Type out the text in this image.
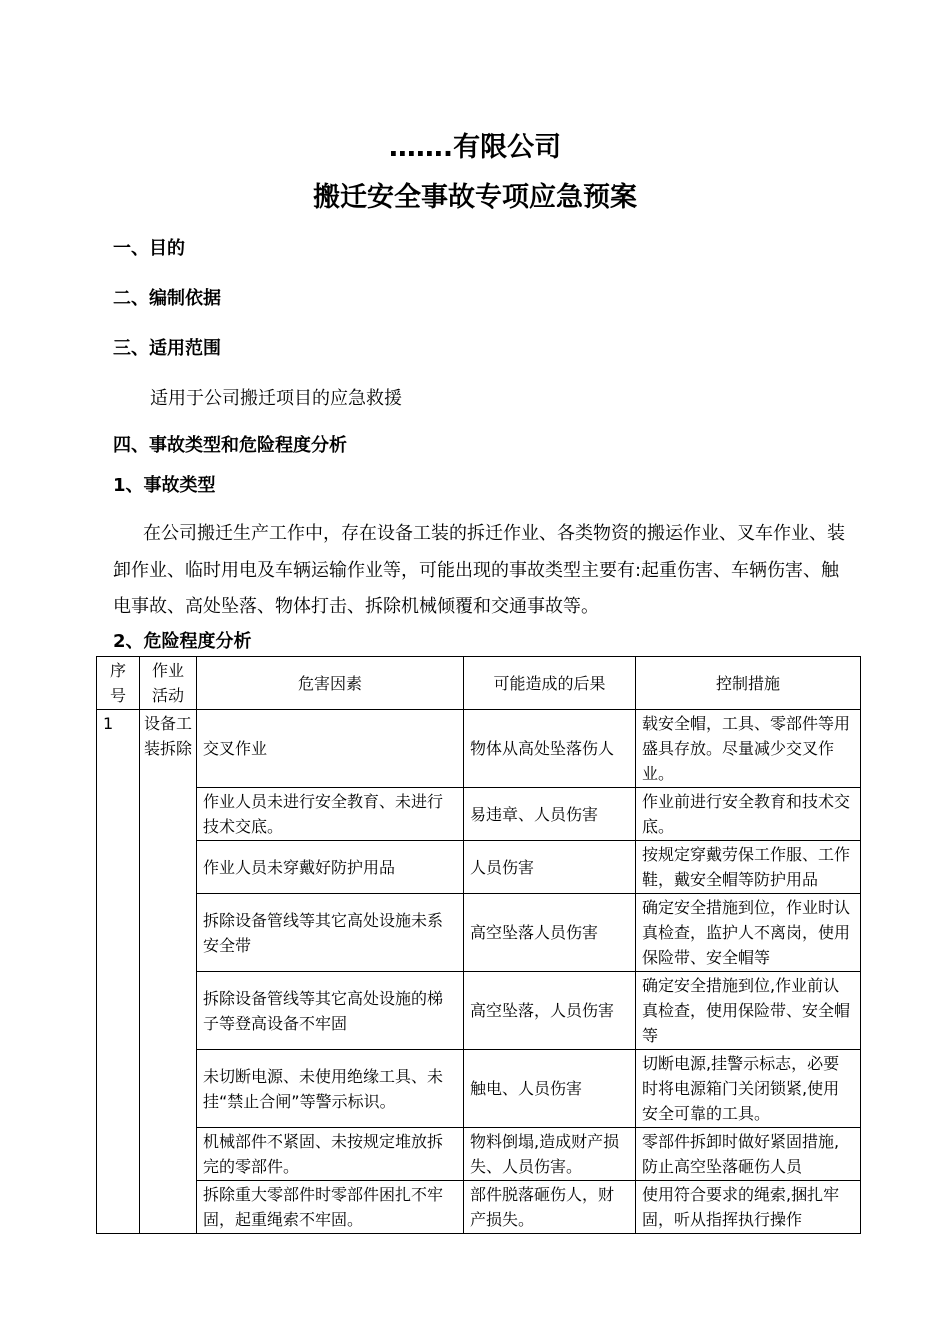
…….有限公司
搬迁安全事故专项应急预案
一、目的
二、编制依据
三、适用范围
适用于公司搬迁项目的应急救援
四、事故类型和危险程度分析
1、事故类型

在公司搬迁生产工作中，存在设备工装的拆迁作业、各类物资的搬运作业、叉车作业、装卸作业、临时用电及车辆运输作业等，可能出现的事故类型主要有:起重伤害、车辆伤害、触电事故、高处坠落、物体打击、拆除机械倾覆和交通事故等。

2、危险程度分析
序号	作业活动	危害因素	可能造成的后果	控制措施
1	设备工装拆除	交叉作业	物体从高处坠落伤人	载安全帽，工具、零部件等用盛具存放。尽量减少交叉作业。
		作业人员未进行安全教育、未进行技术交底。	易违章、人员伤害	作业前进行安全教育和技术交底。
		作业人员未穿戴好防护用品	人员伤害	按规定穿戴劳保工作服、工作鞋，戴安全帽等防护用品
		拆除设备管线等其它高处设施未系安全带	高空坠落人员伤害	确定安全措施到位，作业时认真检查，监护人不离岗，使用保险带、安全帽等
		拆除设备管线等其它高处设施的梯子等登高设备不牢固	高空坠落，人员伤害	确定安全措施到位,作业前认真检查，使用保险带、安全帽等
		未切断电源、未使用绝缘工具、未挂“禁止合闸”等警示标识。	触电、人员伤害	切断电源,挂警示标志，必要时将电源箱门关闭锁紧,使用安全可靠的工具。
		机械部件不紧固、未按规定堆放拆完的零部件。	物料倒塌,造成财产损失、人员伤害。	零部件拆卸时做好紧固措施,防止高空坠落砸伤人员
		拆除重大零部件时零部件困扎不牢固，起重绳索不牢固。	部件脱落砸伤人，财产损失。	使用符合要求的绳索,捆扎牢固，听从指挥执行操作
